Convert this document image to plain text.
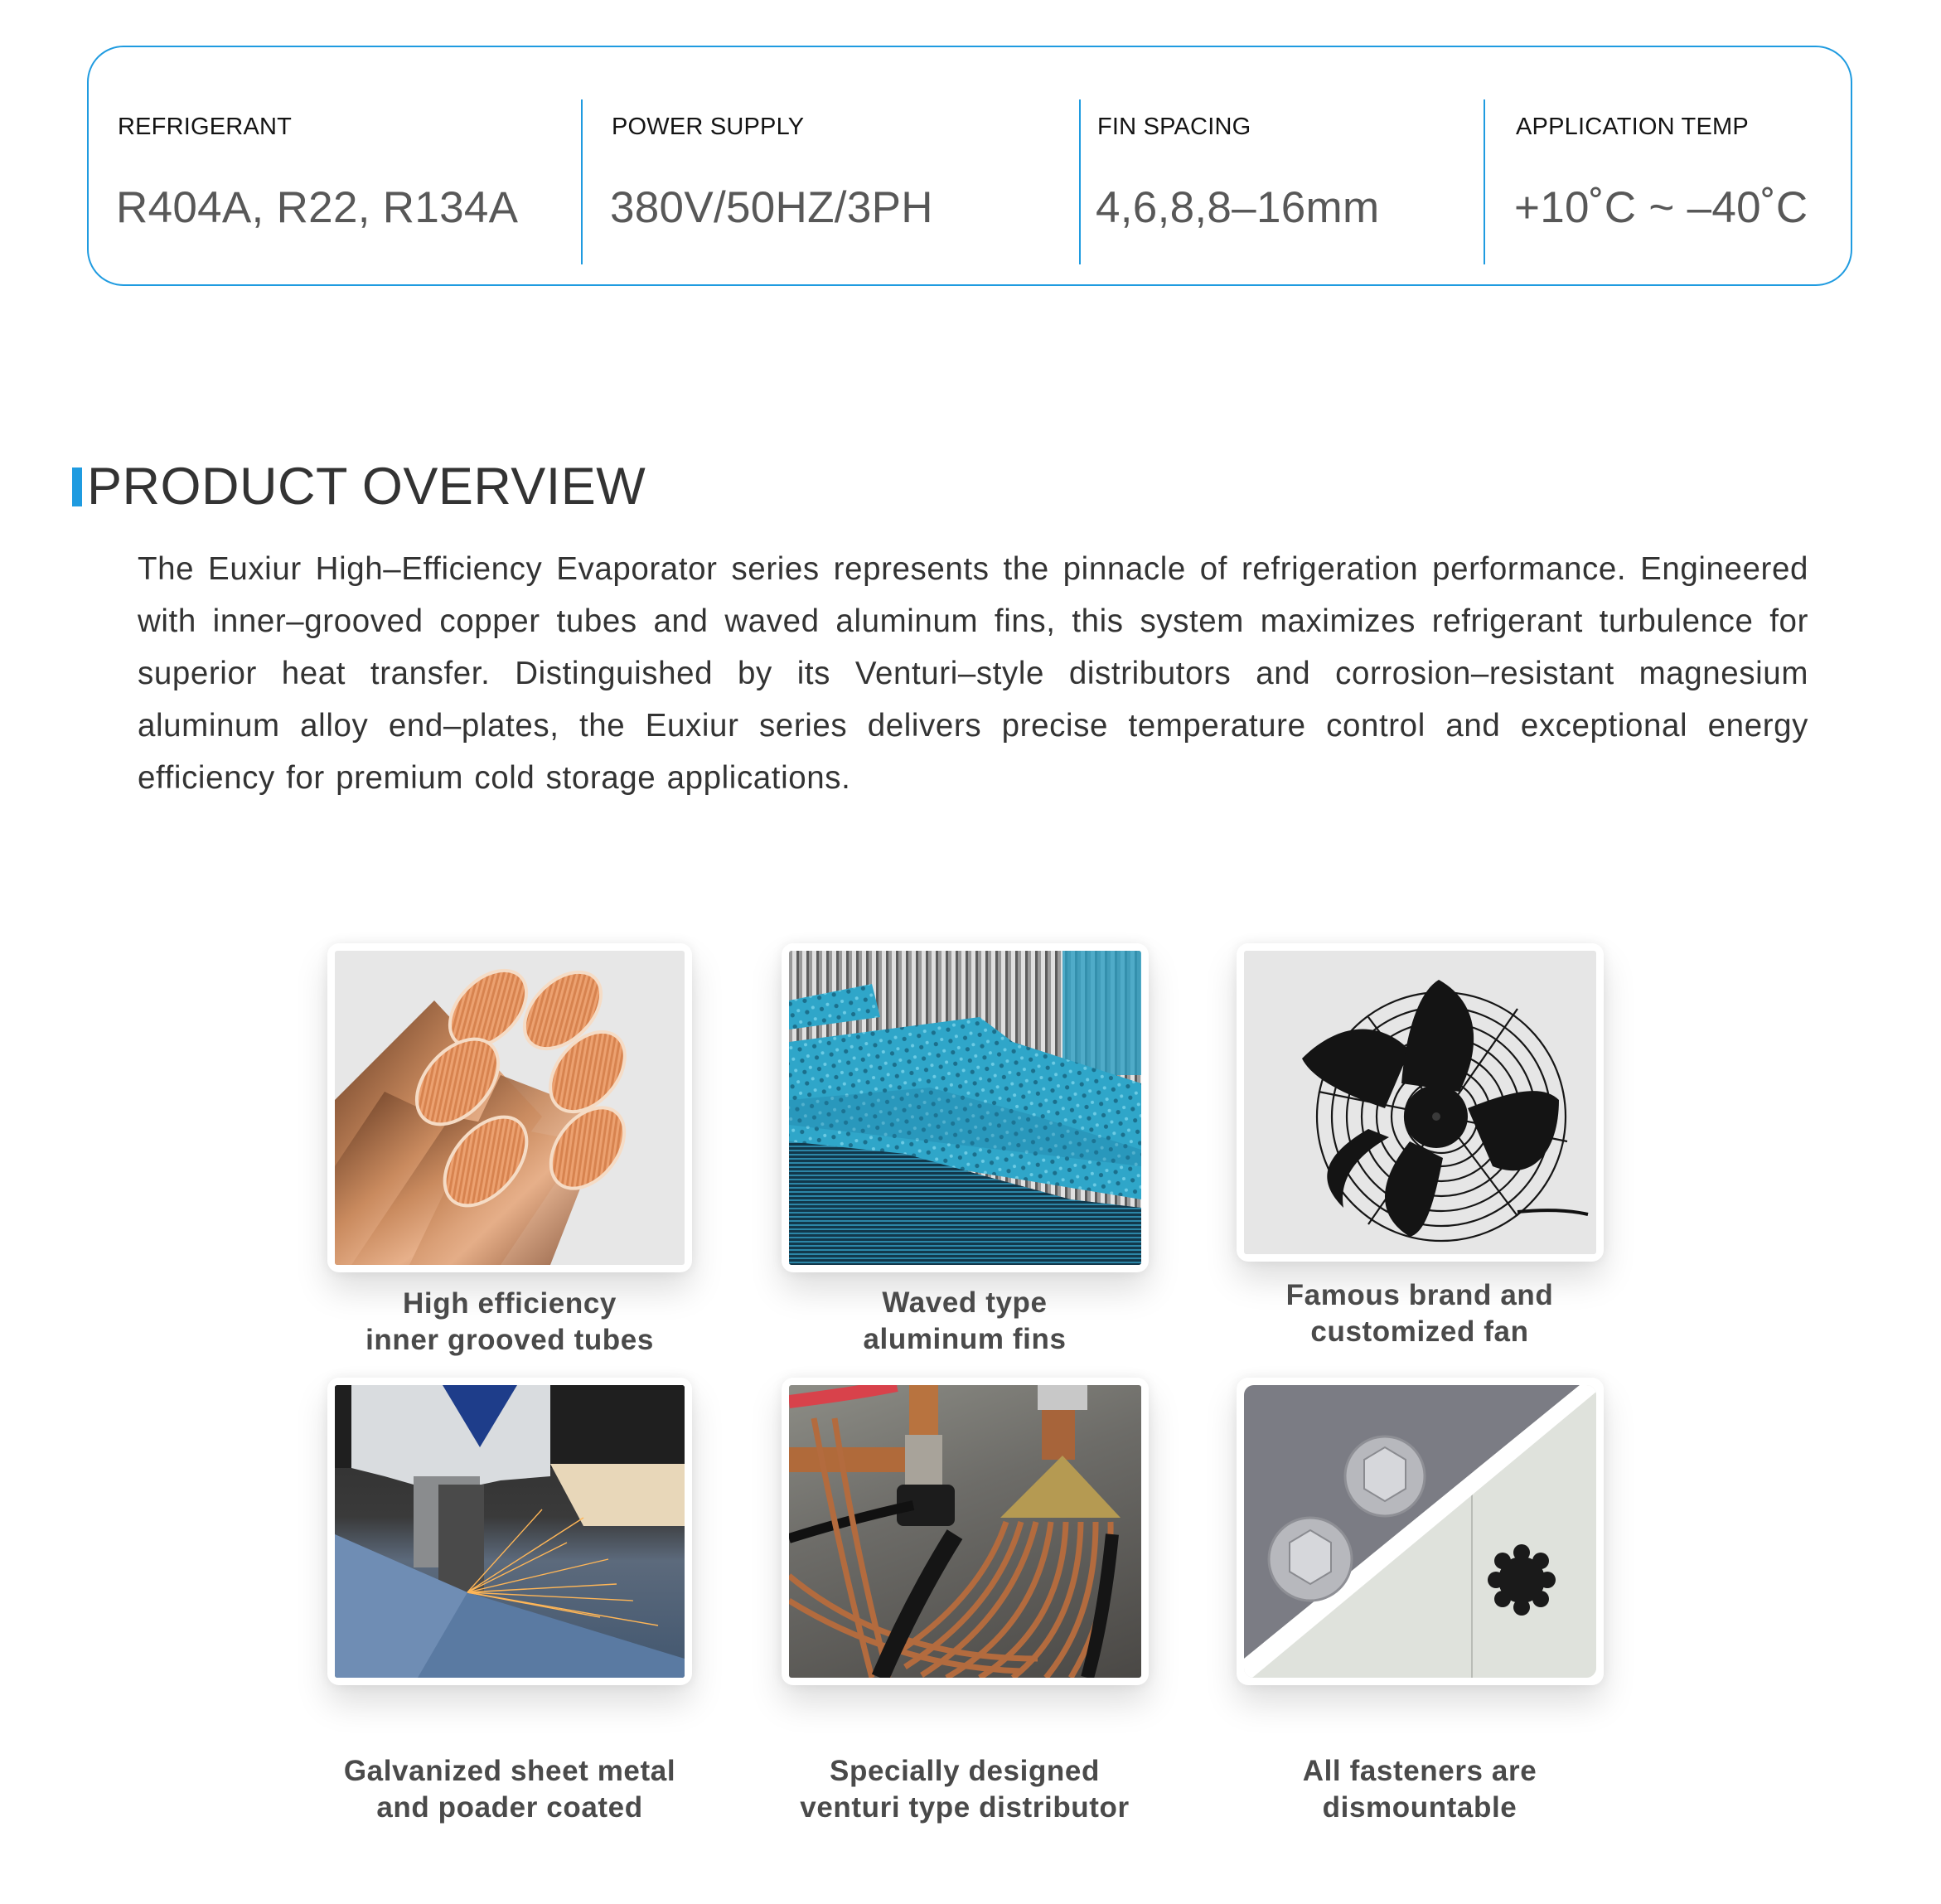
REFRIGERANT
R404A, R22, R134A
POWER SUPPLY
380V/50HZ/3PH
FIN SPACING
4,6,8,8–16mm
APPLICATION TEMP
+10˚C ~ –40˚C
PRODUCT OVERVIEW

The Euxiur High–Efficiency Evaporator series represents the pinnacle of refrigeration performance. Engineered with inner–grooved copper tubes and waved aluminum fins, this system maximizes refrigerant turbulence for superior heat transfer. Distinguished by its Venturi–style distributors and corrosion–resistant magnesium aluminum alloy end–plates, the Euxiur series delivers precise temperature control and exceptional energy efficiency for premium cold storage applications.

High efficiency
inner grooved tubes
Waved type
aluminum fins
Famous brand and
customized fan
Galvanized sheet metal
and poader coated
Specially designed
venturi type distributor
All fasteners are
dismountable
